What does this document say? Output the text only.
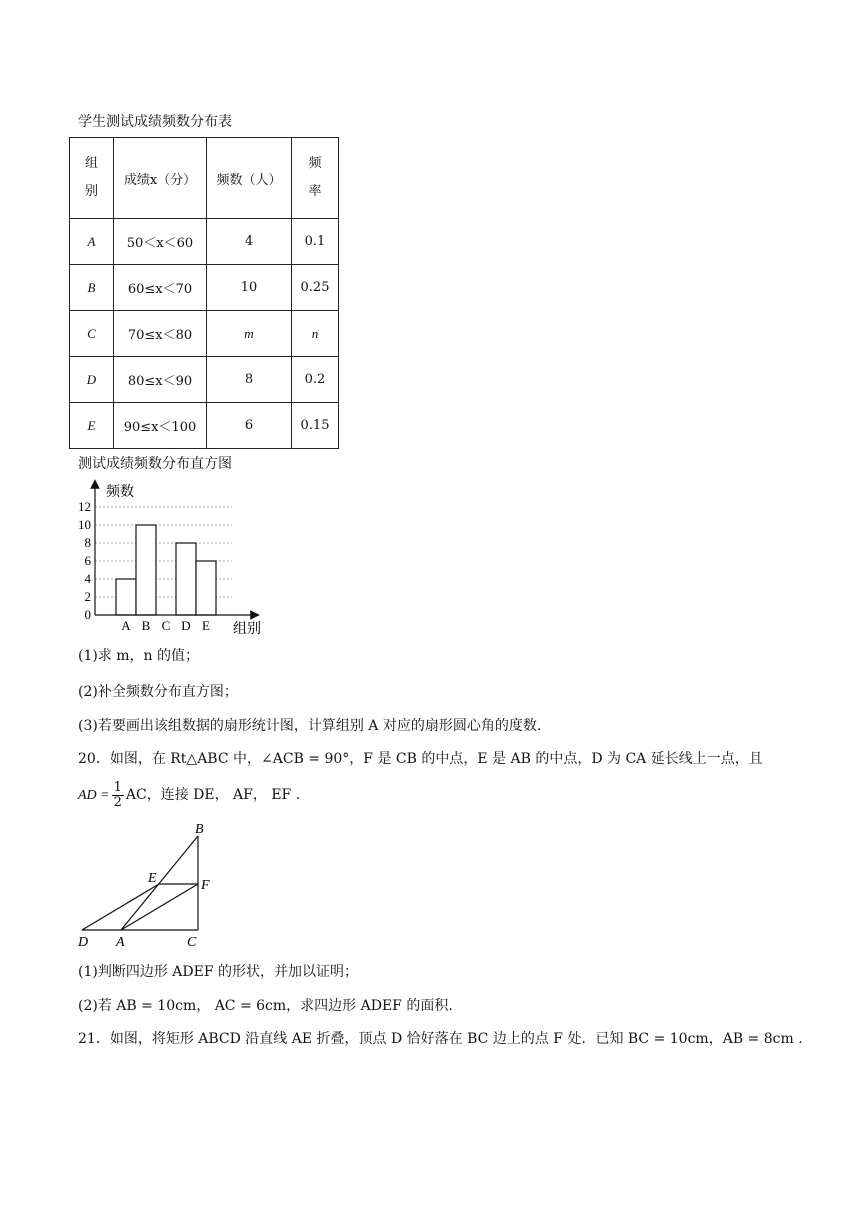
学生测试成绩频数分布表
组别	成绩x（分）	频数（人）	频率
A	50＜x＜60	4	0.1
B	60≤x＜70	10	0.25
C	70≤x＜80	m	n
D	80≤x＜90	8	0.2
E	90≤x＜100	6	0.15
测试成绩频数分布直方图
频数
组别
0
2
4
6
8
10
12
A B C D E
(1)求 m，n 的值；
(2)补全频数分布直方图；
(3)若要画出该组数据的扇形统计图，计算组别 A 对应的扇形圆心角的度数.
20．如图，在 Rt△ABC 中，∠ACB = 90°，F 是 CB 的中点，E 是 AB 的中点，D 为 CA 延长线上一点，且
AD = $\frac{1}{2}$ AC，连接 DE， AF， EF .
B
E	F
D A	C
(1)判断四边形 ADEF 的形状，并加以证明；
(2)若 AB = 10cm， AC = 6cm，求四边形 ADEF 的面积.
21．如图，将矩形 ABCD 沿直线 AE 折叠，顶点 D 恰好落在 BC 边上的点 F 处．已知 BC = 10cm，AB = 8cm .
